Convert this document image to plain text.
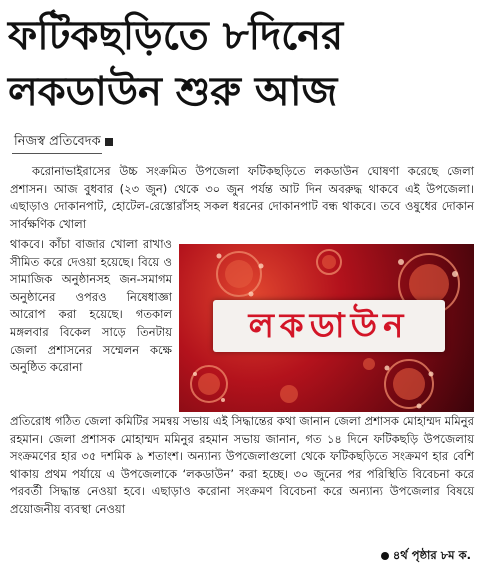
ফটিকছড়িতে ৮দিনের
লকডাউন শুরু আজ
নিজস্ব প্রতিবেদক

করোনাভাইরাসের উচ্চ সংক্রমিত উপজেলা ফটিকছড়িতে লকডাউন ঘোষণা করেছে জেলা প্রশাসন। আজ বুধবার (২৩ জুন) থেকে ৩০ জুন পর্যন্ত আট দিন অবরুদ্ধ থাকবে এই উপজেলা। এছাড়াও দোকানপাট, হোটেল-রেস্তোরাঁসহ সকল ধরনের দোকানপাট বন্ধ থাকবে। তবে ওষুধের দোকান সার্বক্ষণিক খোলা

থাকবে। কাঁচা বাজার খোলা রাখাও সীমিত করে দেওয়া হয়েছে। বিয়ে ও সামাজিক অনুষ্ঠানসহ জন-সমাগম অনুষ্ঠানের ওপরও নিষেধাজ্ঞা আরোপ করা হয়েছে। গতকাল মঙ্গলবার বিকেল সাড়ে তিনটায় জেলা প্রশাসনের সম্মেলন কক্ষে অনুষ্ঠিত করোনা

লকডাউন

প্রতিরোধ গঠিত জেলা কমিটির সমন্বয় সভায় এই সিদ্ধান্তের কথা জানান জেলা প্রশাসক মোহাম্মদ মমিনুর রহমান। জেলা প্রশাসক মোহাম্মদ মমিনুর রহমান সভায় জানান, গত ১৪ দিনে ফটিকছড়ি উপজেলায় সংক্রমণের হার ৩৫ দশমিক ৯ শতাংশ। অন্যান্য উপজেলাগুলো থেকে ফটিকছড়িতে সংক্রমণ হার বেশি থাকায় প্রথম পর্যায়ে এ উপজেলাকে ‘লকডাউন’ করা হচ্ছে। ৩০ জুনের পর পরিস্থিতি বিবেচনা করে পরবর্তী সিদ্ধান্ত নেওয়া হবে। এছাড়াও করোনা সংক্রমণ বিবেচনা করে অন্যান্য উপজেলার বিষয়ে প্রয়োজনীয় ব্যবস্থা নেওয়া

৪র্থ পৃষ্ঠার ৮ম ক.
